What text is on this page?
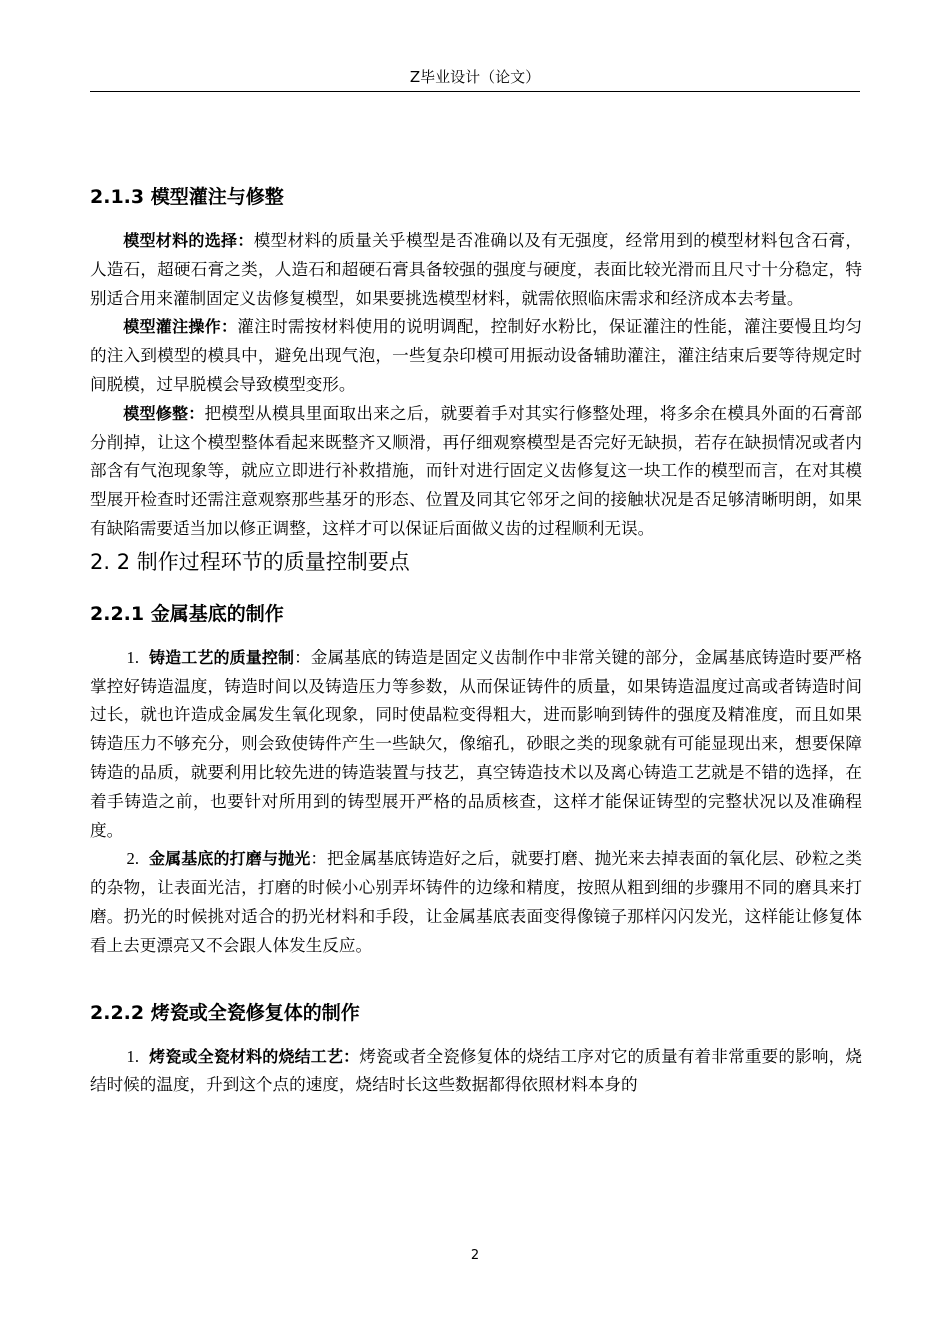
Z毕业设计（论文）
2.1.3 模型灌注与修整

模型材料的选择：模型材料的质量关乎模型是否准确以及有无强度，经常用到的模型材料包含石膏，人造石，超硬石膏之类，人造石和超硬石膏具备较强的强度与硬度，表面比较光滑而且尺寸十分稳定，特别适合用来灌制固定义齿修复模型，如果要挑选模型材料，就需依照临床需求和经济成本去考量。

模型灌注操作：灌注时需按材料使用的说明调配，控制好水粉比，保证灌注的性能，灌注要慢且均匀的注入到模型的模具中，避免出现气泡，一些复杂印模可用振动设备辅助灌注，灌注结束后要等待规定时间脱模，过早脱模会导致模型变形。

模型修整：把模型从模具里面取出来之后，就要着手对其实行修整处理，将多余在模具外面的石膏部分削掉，让这个模型整体看起来既整齐又顺滑，再仔细观察模型是否完好无缺损，若存在缺损情况或者内部含有气泡现象等，就应立即进行补救措施，而针对进行固定义齿修复这一块工作的模型而言，在对其模型展开检查时还需注意观察那些基牙的形态、位置及同其它邻牙之间的接触状况是否足够清晰明朗，如果有缺陷需要适当加以修正调整，这样才可以保证后面做义齿的过程顺利无误。

2. 2 制作过程环节的质量控制要点
2.2.1 金属基底的制作

1. 铸造工艺的质量控制：金属基底的铸造是固定义齿制作中非常关键的部分，金属基底铸造时要严格掌控好铸造温度，铸造时间以及铸造压力等参数，从而保证铸件的质量，如果铸造温度过高或者铸造时间过长，就也许造成金属发生氧化现象，同时使晶粒变得粗大，进而影响到铸件的强度及精准度，而且如果铸造压力不够充分，则会致使铸件产生一些缺欠，像缩孔，砂眼之类的现象就有可能显现出来，想要保障铸造的品质，就要利用比较先进的铸造装置与技艺，真空铸造技术以及离心铸造工艺就是不错的选择，在着手铸造之前，也要针对所用到的铸型展开严格的品质核查，这样才能保证铸型的完整状况以及准确程度。

2. 金属基底的打磨与抛光：把金属基底铸造好之后，就要打磨、抛光来去掉表面的氧化层、砂粒之类的杂物，让表面光洁，打磨的时候小心别弄坏铸件的边缘和精度，按照从粗到细的步骤用不同的磨具来打磨。扔光的时候挑对适合的扔光材料和手段，让金属基底表面变得像镜子那样闪闪发光，这样能让修复体看上去更漂亮又不会跟人体发生反应。

2.2.2 烤瓷或全瓷修复体的制作

1. 烤瓷或全瓷材料的烧结工艺：烤瓷或者全瓷修复体的烧结工序对它的质量有着非常重要的影响，烧结时候的温度，升到这个点的速度，烧结时长这些数据都得依照材料本身的

2
